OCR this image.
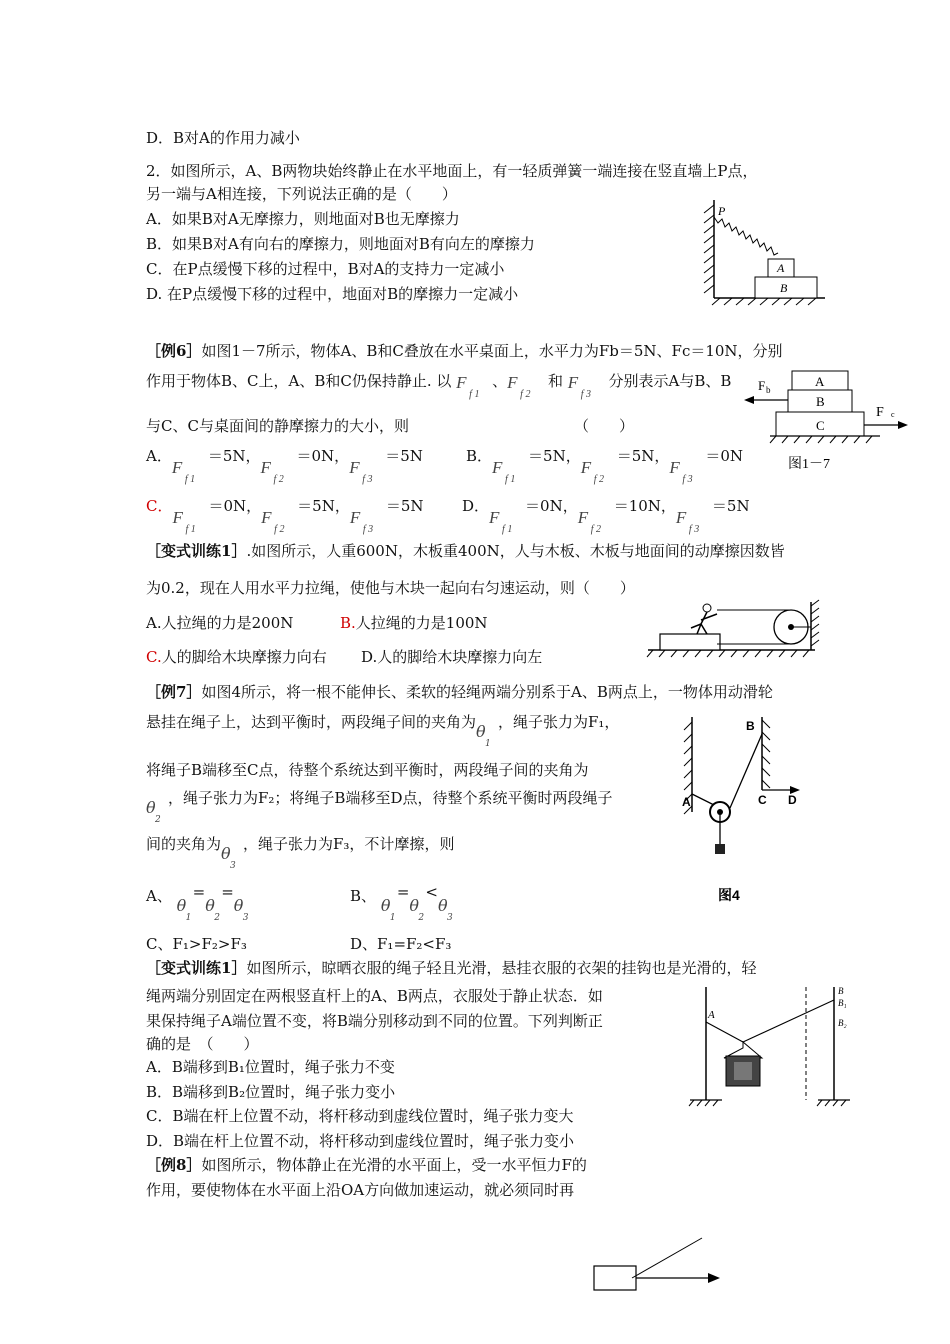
D．B对A的作用力减小
2．如图所示，A、B两物块始终静止在水平地面上，有一轻质弹簧一端连接在竖直墙上P点，
另一端与A相连接，下列说法正确的是（　　）
A．如果B对A无摩擦力，则地面对B也无摩擦力
B．如果B对A有向右的摩擦力，则地面对B有向左的摩擦力
C．在P点缓慢下移的过程中，B对A的支持力一定减小
D. 在P点缓慢下移的过程中，地面对B的摩擦力一定减小
P
A
B
［例6］如图1－7所示，物体A、B和C叠放在水平桌面上，水平力为Fb＝5N、Fc＝10N，分别
作用于物体B、C上，A、B和C仍保持静止. 以 F
f 1
、F
f 2
和 F
f 3
分别表示A与B、B
与C、C与桌面间的静摩擦力的大小，则	（　　）
A．F
f 1
＝5N，F
f 2
＝0N，F
f 3
＝5N	B．F
f 1
＝5N，F
f 2
＝5N，F
f 3
＝0N
C．F
f 1
＝0N，F
f 2
＝5N，F
f 3
＝5N	D．F
f 1
＝0N，F
f 2
＝10N，F
f 3
＝5N
F b
F c
A
B
C
图1－7
［变式训练1］.如图所示，人重600N，木板重400N，人与木板、木板与地面间的动摩擦因数皆
为0.2，现在人用水平力拉绳，使他与木块一起向右匀速运动，则（　　）
A.人拉绳的力是200N	B.人拉绳的力是100N
C.人的脚给木块摩擦力向右 D.人的脚给木块摩擦力向左
［例7］如图4所示，将一根不能伸长、柔软的轻绳两端分别系于A、B两点上，一物体用动滑轮
悬挂在绳子上，达到平衡时，两段绳子间的夹角为θ
1
，绳子张力为F₁，
将绳子B端移至C点，待整个系统达到平衡时，两段绳子间的夹角为
θ
2
，绳子张力为F₂；将绳子B端移至D点，待整个系统平衡时两段绳子
间的夹角为θ
3
，绳子张力为F₃，不计摩擦，则
A、 θ
1
=θ
2
=θ
3
B、 θ
1
=θ
2
<θ
3
C、F₁>F₂>F₃	D、F₁=F₂<F₃
A
B
C D
图4
［变式训练1］如图所示，晾晒衣服的绳子轻且光滑，悬挂衣服的衣架的挂钩也是光滑的，轻
绳两端分别固定在两根竖直杆上的A、B两点，衣服处于静止状态．如
果保持绳子A端位置不变，将B端分别移动到不同的位置。下列判断正
确的是　（　　）
A．B端移到B₁位置时，绳子张力不变
B．B端移到B₂位置时，绳子张力变小
C．B端在杆上位置不动，将杆移动到虚线位置时，绳子张力变大
D．B端在杆上位置不动，将杆移动到虚线位置时，绳子张力变小
A
B
B₁
B₂
［例8］如图所示，物体静止在光滑的水平面上，受一水平恒力F的
作用，要使物体在水平面上沿OA方向做加速运动，就必须同时再
